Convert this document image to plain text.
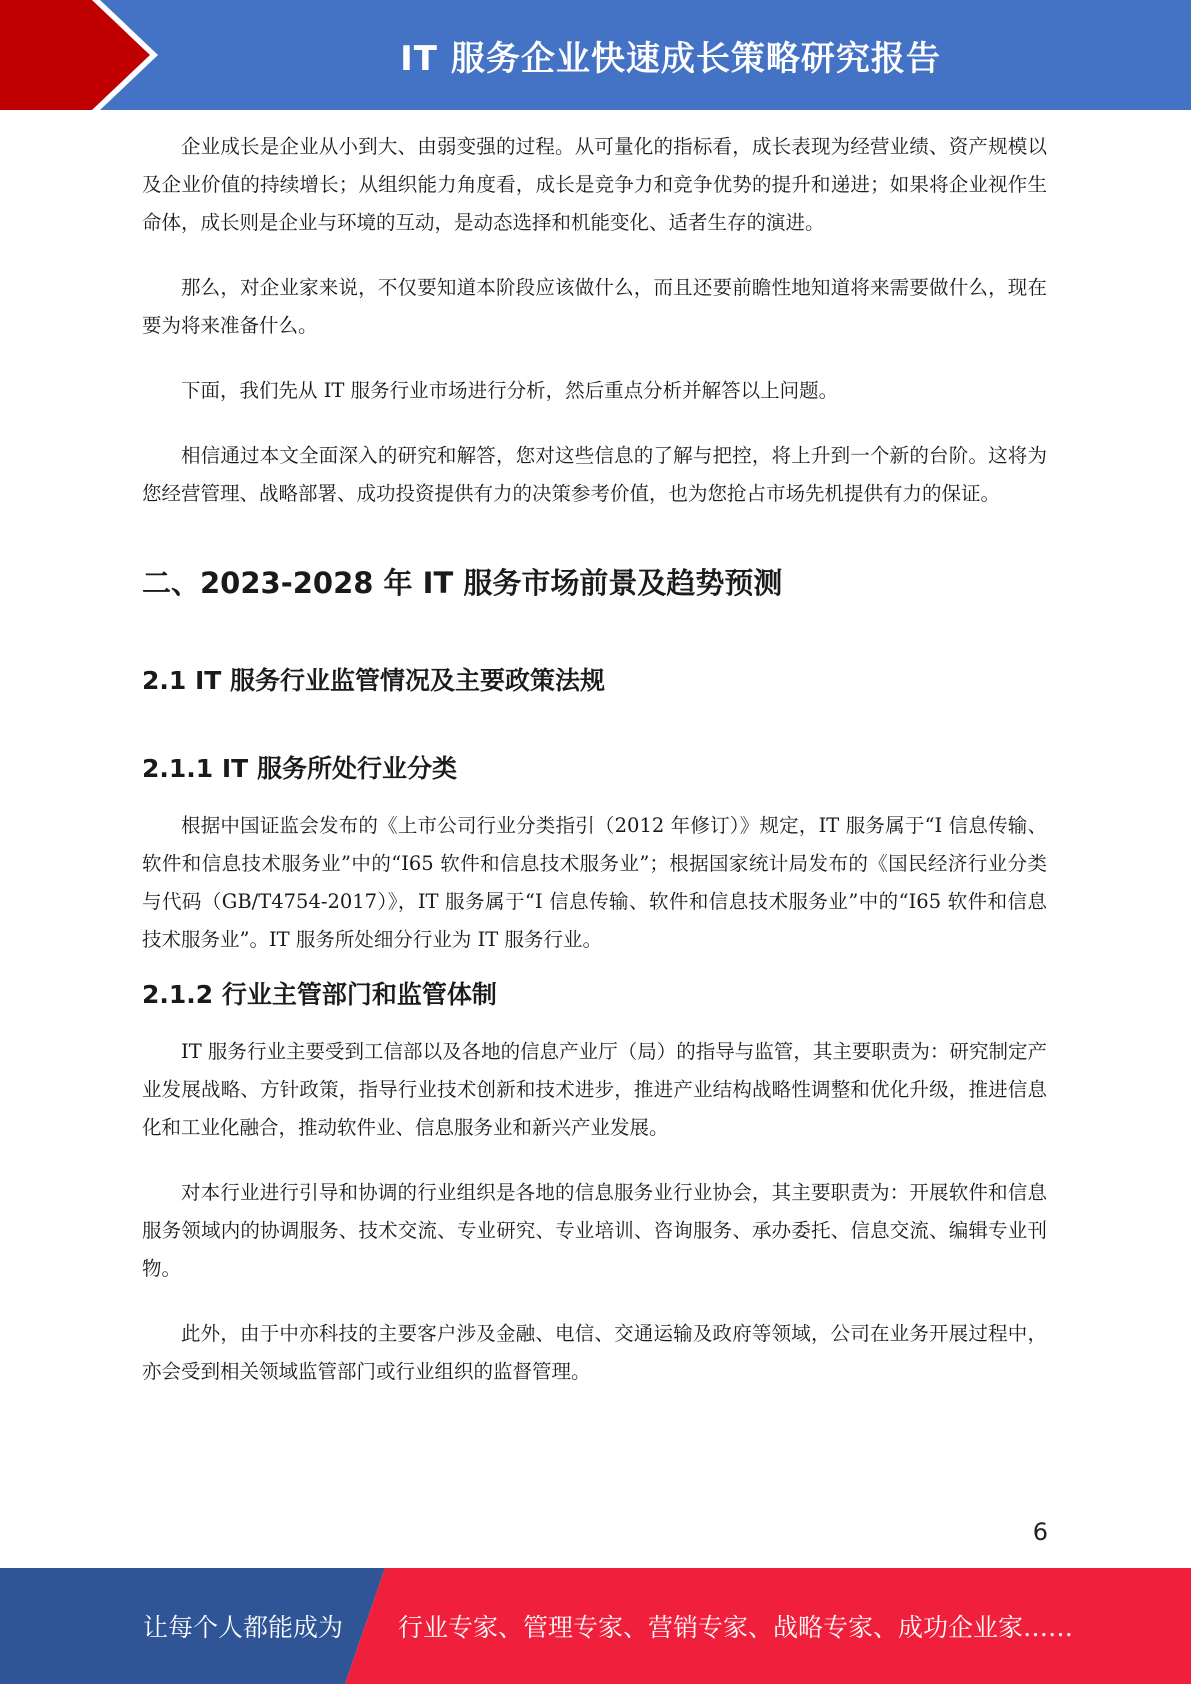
IT 服务企业快速成长策略研究报告

企业成长是企业从小到大、由弱变强的过程。从可量化的指标看，成长表现为经营业绩、资产规模以及企业价值的持续增长；从组织能力角度看，成长是竞争力和竞争优势的提升和递进；如果将企业视作生命体，成长则是企业与环境的互动，是动态选择和机能变化、适者生存的演进。

那么，对企业家来说，不仅要知道本阶段应该做什么，而且还要前瞻性地知道将来需要做什么，现在要为将来准备什么。

下面，我们先从 IT 服务行业市场进行分析，然后重点分析并解答以上问题。

相信通过本文全面深入的研究和解答，您对这些信息的了解与把控，将上升到一个新的台阶。这将为您经营管理、战略部署、成功投资提供有力的决策参考价值，也为您抢占市场先机提供有力的保证。

二、2023-2028 年 IT 服务市场前景及趋势预测
2.1 IT 服务行业监管情况及主要政策法规
2.1.1 IT 服务所处行业分类

根据中国证监会发布的《上市公司行业分类指引（2012 年修订）》规定，IT 服务属于“I 信息传输、软件和信息技术服务业”中的“I65 软件和信息技术服务业”；根据国家统计局发布的《国民经济行业分类与代码（GB/T4754-2017）》，IT 服务属于“I 信息传输、软件和信息技术服务业”中的“I65 软件和信息技术服务业”。IT 服务所处细分行业为 IT 服务行业。

2.1.2 行业主管部门和监管体制

IT 服务行业主要受到工信部以及各地的信息产业厅（局）的指导与监管，其主要职责为：研究制定产业发展战略、方针政策，指导行业技术创新和技术进步，推进产业结构战略性调整和优化升级，推进信息化和工业化融合，推动软件业、信息服务业和新兴产业发展。

对本行业进行引导和协调的行业组织是各地的信息服务业行业协会，其主要职责为：开展软件和信息服务领域内的协调服务、技术交流、专业研究、专业培训、咨询服务、承办委托、信息交流、编辑专业刊物。

此外，由于中亦科技的主要客户涉及金融、电信、交通运输及政府等领域，公司在业务开展过程中，亦会受到相关领域监管部门或行业组织的监督管理。

6
让每个人都能成为 行业专家、管理专家、营销专家、战略专家、成功企业家……
